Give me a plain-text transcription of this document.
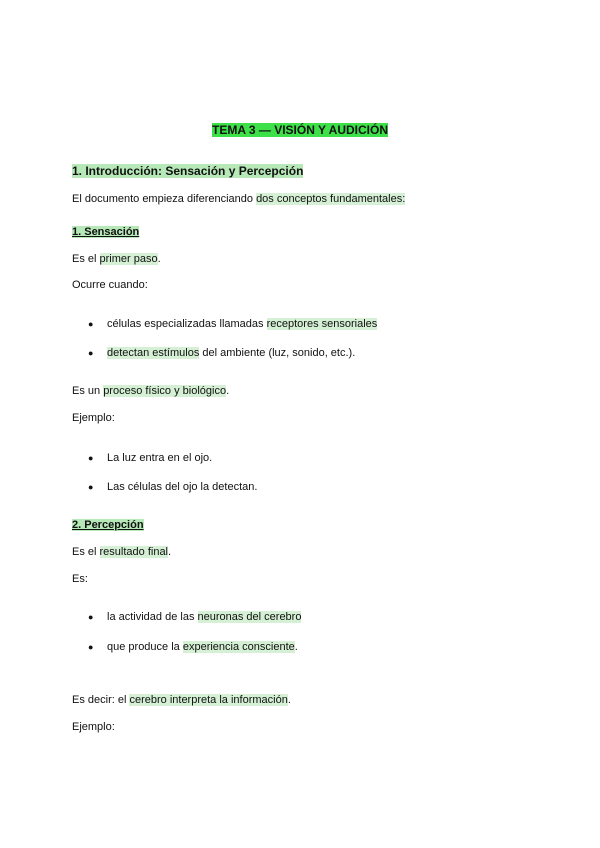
TEMA 3 — VISIÓN Y AUDICIÓN
1. Introducción: Sensación y Percepción
El documento empieza diferenciando dos conceptos fundamentales:
1. Sensación
Es el primer paso.
Ocurre cuando:
● células especializadas llamadas receptores sensoriales
● detectan estímulos del ambiente (luz, sonido, etc.).
Es un proceso físico y biológico.
Ejemplo:
● La luz entra en el ojo.
● Las células del ojo la detectan.
2. Percepción
Es el resultado final.
Es:
● la actividad de las neuronas del cerebro
● que produce la experiencia consciente.
Es decir: el cerebro interpreta la información.
Ejemplo:
